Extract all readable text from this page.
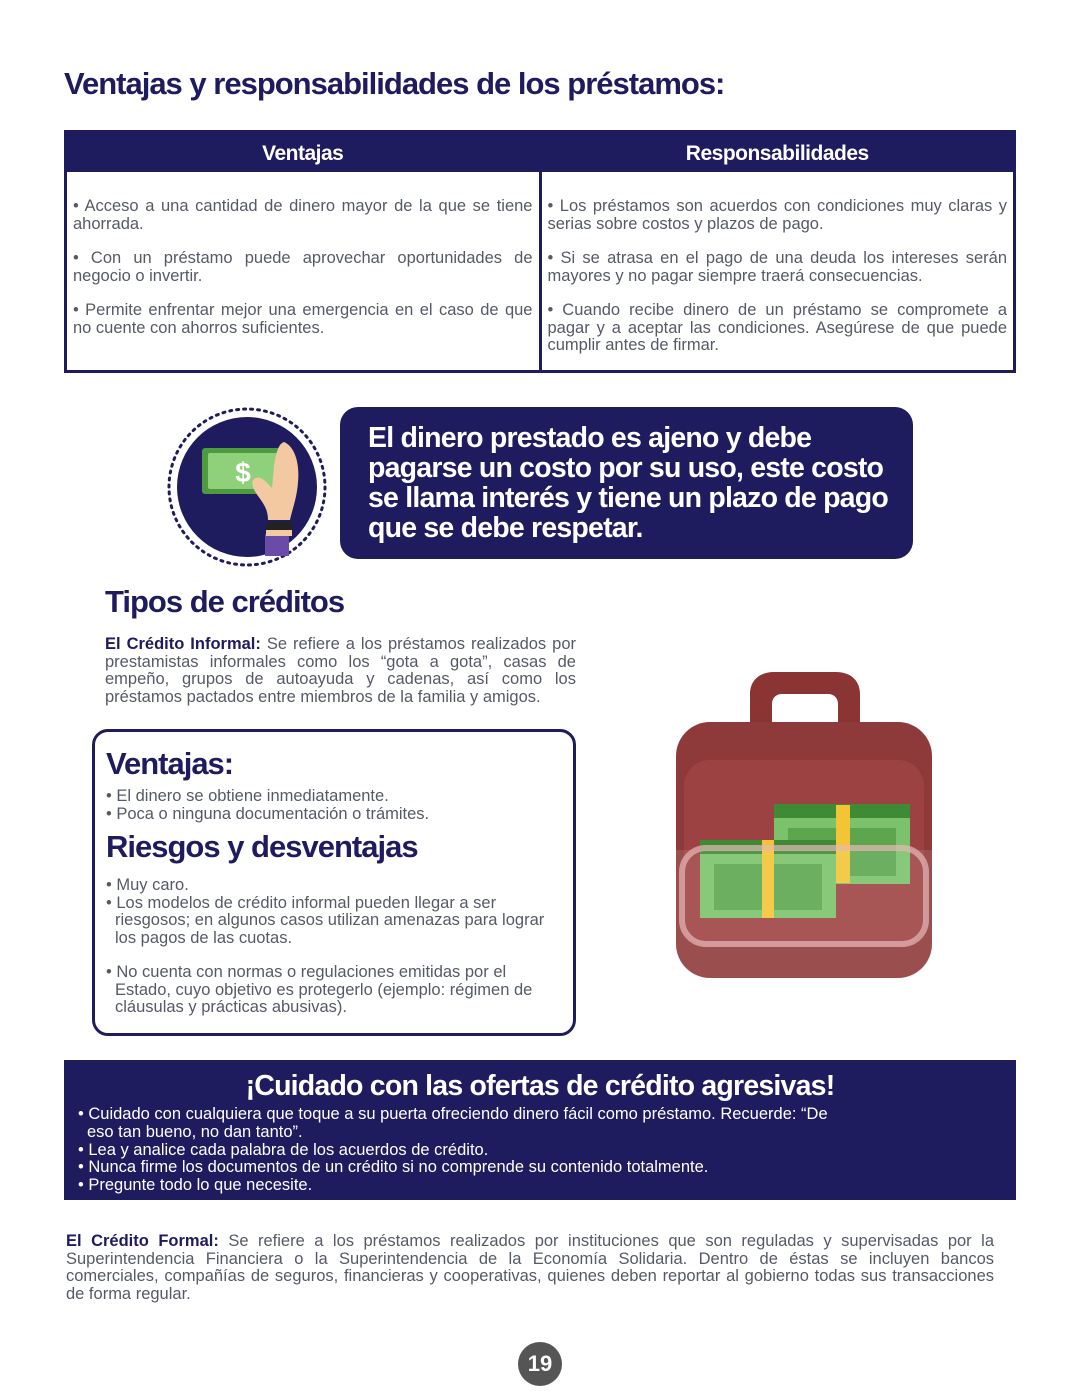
Ventajas y responsabilidades de los préstamos:
Ventajas

• Acceso a una cantidad de dinero mayor de la que se tiene ahorrada.

• Con un préstamo puede aprovechar oportunidades de negocio o invertir.

• Permite enfrentar mejor una emergencia en el caso de que no cuente con ahorros suficientes.

Responsabilidades

• Los préstamos son acuerdos con condiciones muy claras y serias sobre costos y plazos de pago.

• Si se atrasa en el pago de una deuda los intereses serán mayores y no pagar siempre traerá consecuencias.

• Cuando recibe dinero de un préstamo se compromete a pagar y a aceptar las condiciones. Asegúrese de que puede cumplir antes de firmar.

$
El dinero prestado es ajeno y debe pagarse un costo por su uso, este costo se llama interés y tiene un plazo de pago que se debe respetar.
Tipos de créditos

El Crédito Informal: Se refiere a los préstamos realizados por prestamistas informales como los “gota a gota”, casas de empeño, grupos de autoayuda y cadenas, así como los préstamos pactados entre miembros de la familia y amigos.

Ventajas:
• El dinero se obtiene inmediatamente.
• Poca o ninguna documentación o trámites.
Riesgos y desventajas
• Muy caro.
• Los modelos de crédito informal pueden llegar a ser riesgosos; en algunos casos utilizan amenazas para lograr los pagos de las cuotas.
• No cuenta con normas o regulaciones emitidas por el Estado, cuyo objetivo es protegerlo (ejemplo: régimen de cláusulas y prácticas abusivas).
¡Cuidado con las ofertas de crédito agresivas!
• Cuidado con cualquiera que toque a su puerta ofreciendo dinero fácil como préstamo. Recuerde: “De eso tan bueno, no dan tanto”.
• Lea y analice cada palabra de los acuerdos de crédito.
• Nunca firme los documentos de un crédito si no comprende su contenido totalmente.
• Pregunte todo lo que necesite.

El Crédito Formal: Se refiere a los préstamos realizados por instituciones que son reguladas y supervisadas por la Superintendencia Financiera o la Superintendencia de la Economía Solidaria. Dentro de éstas se incluyen bancos comerciales, compañías de seguros, financieras y cooperativas, quienes deben reportar al gobierno todas sus transacciones de forma regular.

19
